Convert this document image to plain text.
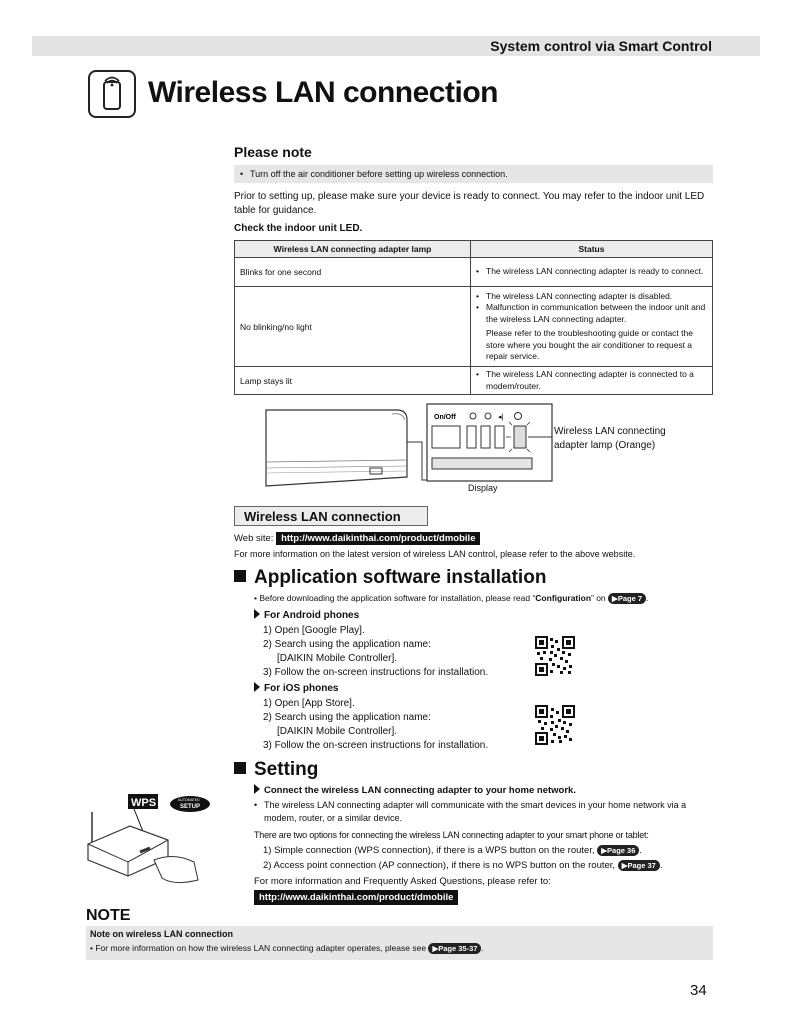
System control via Smart Control
Wireless LAN connection
Please note
• Turn off the air conditioner before setting up wireless connection.
Prior to setting up, please make sure your device is ready to connect. You may refer to the indoor unit LED table for guidance.
Check the indoor unit LED.
Wireless LAN connecting adapter lamp	Status
Blinks for one second	• The wireless LAN connecting adapter is ready to connect.

No blinking/no light	• The wireless LAN connecting adapter is disabled.
• Malfunction in communication between the indoor unit and the wireless LAN connecting adapter.
Please refer to the troubleshooting guide or contact the store where you bought the air conditioner to request a repair service.

Lamp stays lit	• The wireless LAN connecting adapter is connected to a modem/router.
On/Off	◂|
Wireless LAN connecting adapter lamp (Orange)
Display
Wireless LAN connection
Web site: http://www.daikinthai.com/product/dmobile
For more information on the latest version of wireless LAN control, please refer to the above website.
Application software installation
• Before downloading the application software for installation, please read “Configuration” on ▶Page 7 .
For Android phones
1) Open [Google Play].
2) Search using the application name:
[DAIKIN Mobile Controller].
3) Follow the on-screen instructions for installation.
For iOS phones
1) Open [App Store].
2) Search using the application name:
[DAIKIN Mobile Controller].
3) Follow the on-screen instructions for installation.
Setting
Connect the wireless LAN connecting adapter to your home network.
• The wireless LAN connecting adapter will communicate with the smart devices in your home network via a modem, router, or a similar device.
There are two options for connecting the wireless LAN connecting adapter to your smart phone or tablet:
1) Simple connection (WPS connection), if there is a WPS button on the router, ▶Page 36 .
2) Access point connection (AP connection), if there is no WPS button on the router, ▶Page 37 .
For more information and Frequently Asked Questions, please refer to:
http://www.daikinthai.com/product/dmobile
WPS	AUTOMATED
SETUP
NOTE
Note on wireless LAN connection
• For more information on how the wireless LAN connecting adapter operates, please see ▶Page 35-37 .
34
